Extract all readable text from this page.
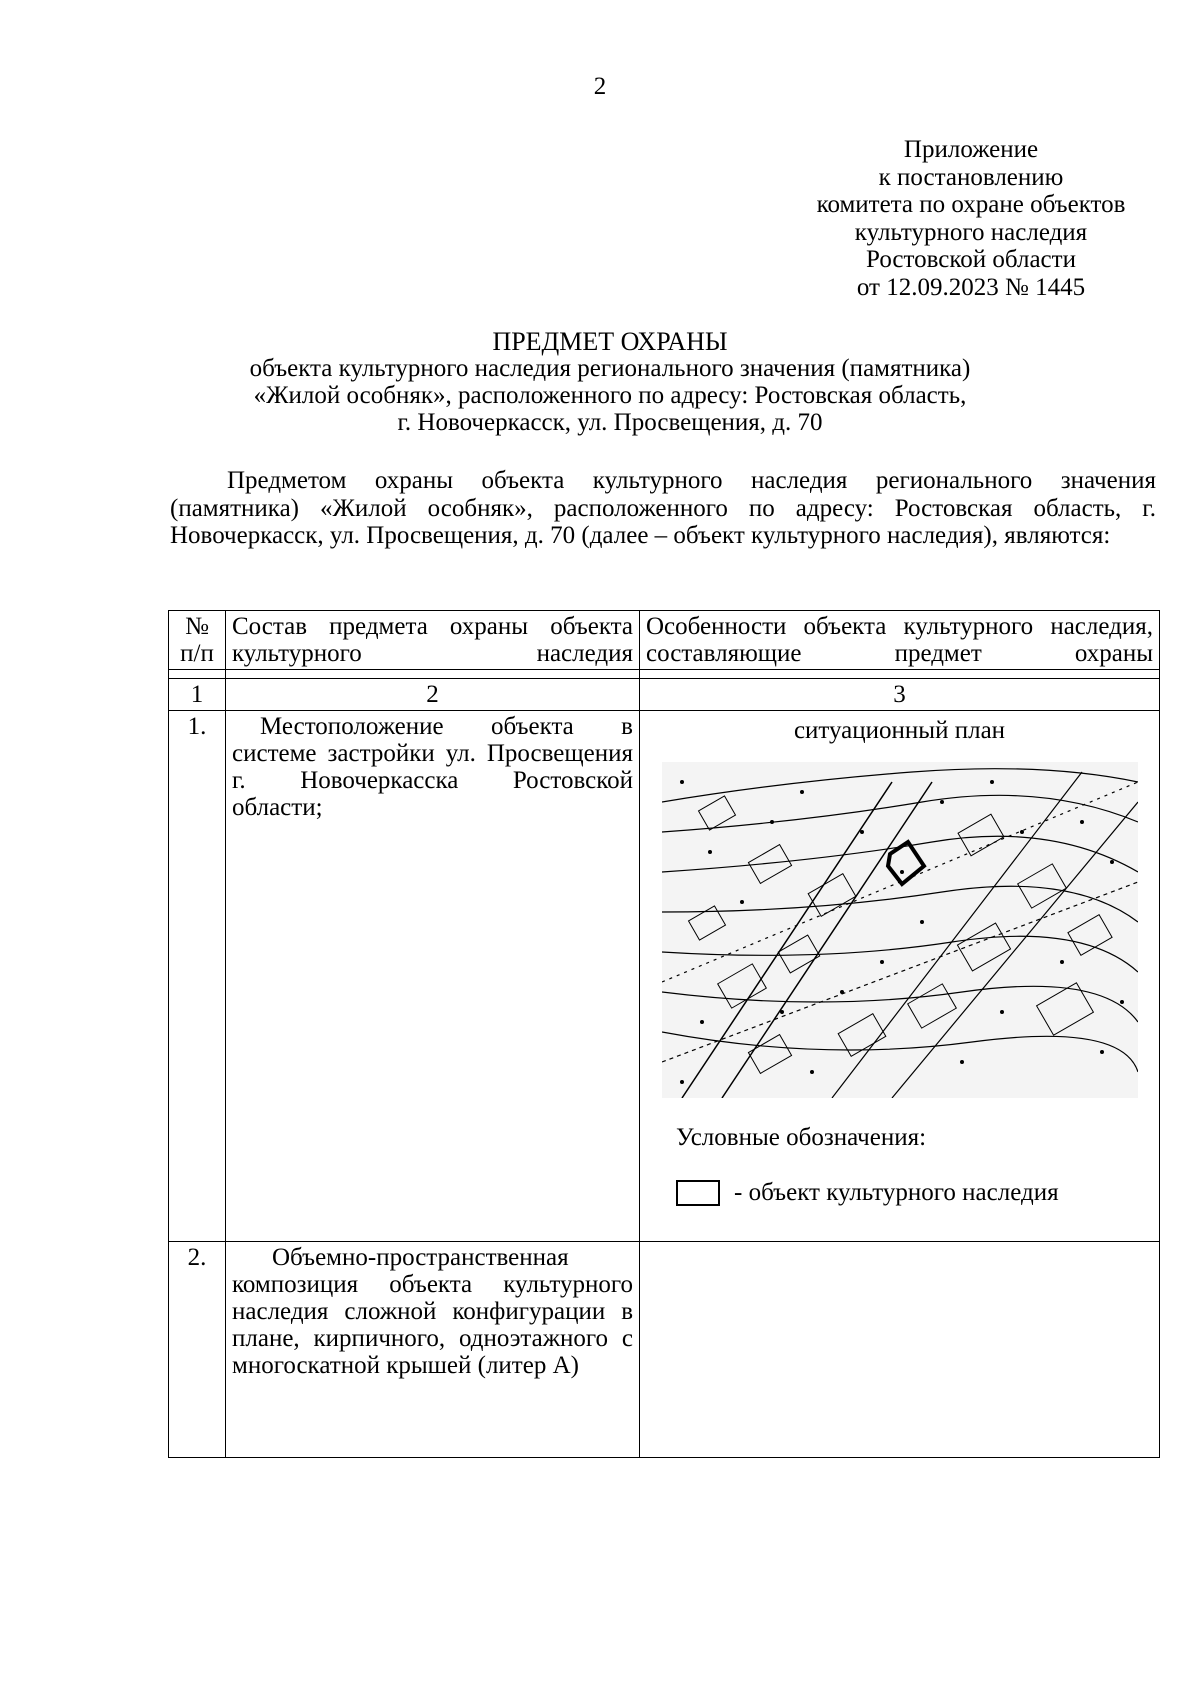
2
Приложение
к постановлению
комитета по охране объектов
культурного наследия
Ростовской области
от 12.09.2023 № 1445
ПРЕДМЕТ ОХРАНЫ
объекта культурного наследия регионального значения (памятника)
«Жилой особняк», расположенного по адресу: Ростовская область,
г. Новочеркасск, ул. Просвещения, д. 70
Предметом охраны объекта культурного наследия регионального значения (памятника) «Жилой особняк», расположенного по адресу: Ростовская область, г. Новочеркасск, ул. Просвещения, д. 70 (далее – объект культурного наследия), являются:
№ п/п	Состав предмета охраны объекта культурного наследия	Особенности объекта культурного наследия, составляющие предмет охраны

1	2	3
1.	Местоположение объекта в системе застройки ул. Просвещения г. Новочеркасска Ростовской области;	ситуационный план
Условные обозначения:
- объект культурного наследия

2.	Объемно-пространственная композиция объекта культурного наследия сложной конфигурации в плане, кирпичного, одноэтажного с многоскатной крышей (литер А)	
